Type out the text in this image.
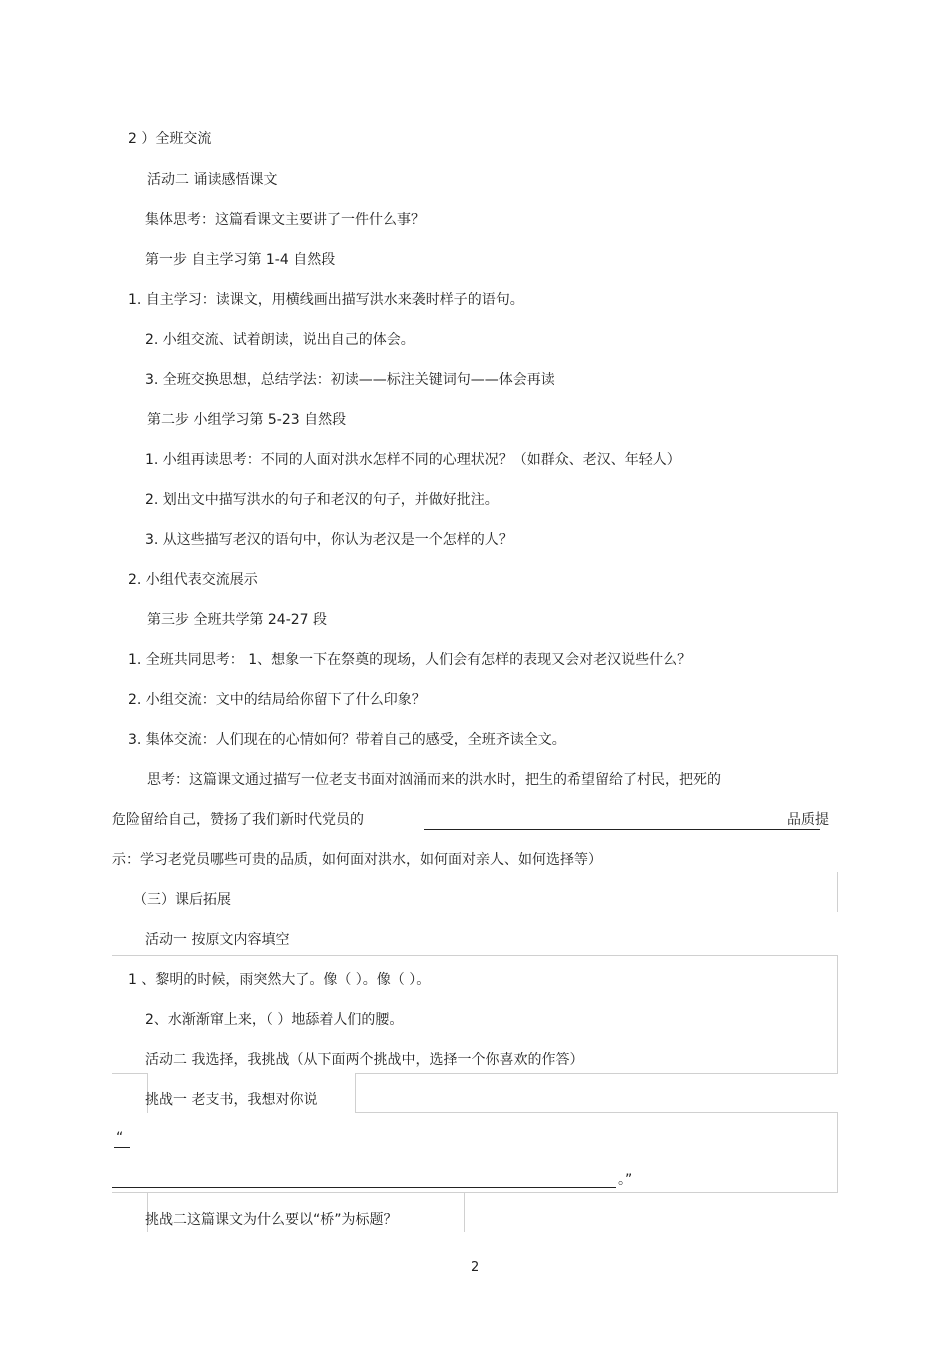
2 ）全班交流
活动二 诵读感悟课文
集体思考：这篇看课文主要讲了一件什么事？
第一步 自主学习第 1-4 自然段
1. 自主学习：读课文，用横线画出描写洪水来袭时样子的语句。
2. 小组交流、试着朗读，说出自己的体会。
3. 全班交换思想，总结学法：初读——标注关键词句——体会再读
第二步 小组学习第 5-23 自然段
1. 小组再读思考：不同的人面对洪水怎样不同的心理状况？（如群众、老汉、年轻人）
2. 划出文中描写洪水的句子和老汉的句子，并做好批注。
3. 从这些描写老汉的语句中，你认为老汉是一个怎样的人？
2. 小组代表交流展示
第三步 全班共学第 24-27 段
1. 全班共同思考： 1、想象一下在祭奠的现场，人们会有怎样的表现又会对老汉说些什么？
2. 小组交流：文中的结局给你留下了什么印象？
3. 集体交流：人们现在的心情如何？带着自己的感受，全班齐读全文。
思考：这篇课文通过描写一位老支书面对汹涌而来的洪水时，把生的希望留给了村民，把死的
危险留给自己，赞扬了我们新时代党员的	品质提
示：学习老党员哪些可贵的品质，如何面对洪水，如何面对亲人、如何选择等）
（三）课后拓展
活动一 按原文内容填空
1 、黎明的时候，雨突然大了。像（ ）。像（ ）。
2、水渐渐窜上来，（ ）地舔着人们的腰。
活动二 我选择，我挑战（从下面两个挑战中，选择一个你喜欢的作答）
挑战一 老支书，我想对你说
“
。”
挑战二这篇课文为什么要以“桥”为标题？
2
